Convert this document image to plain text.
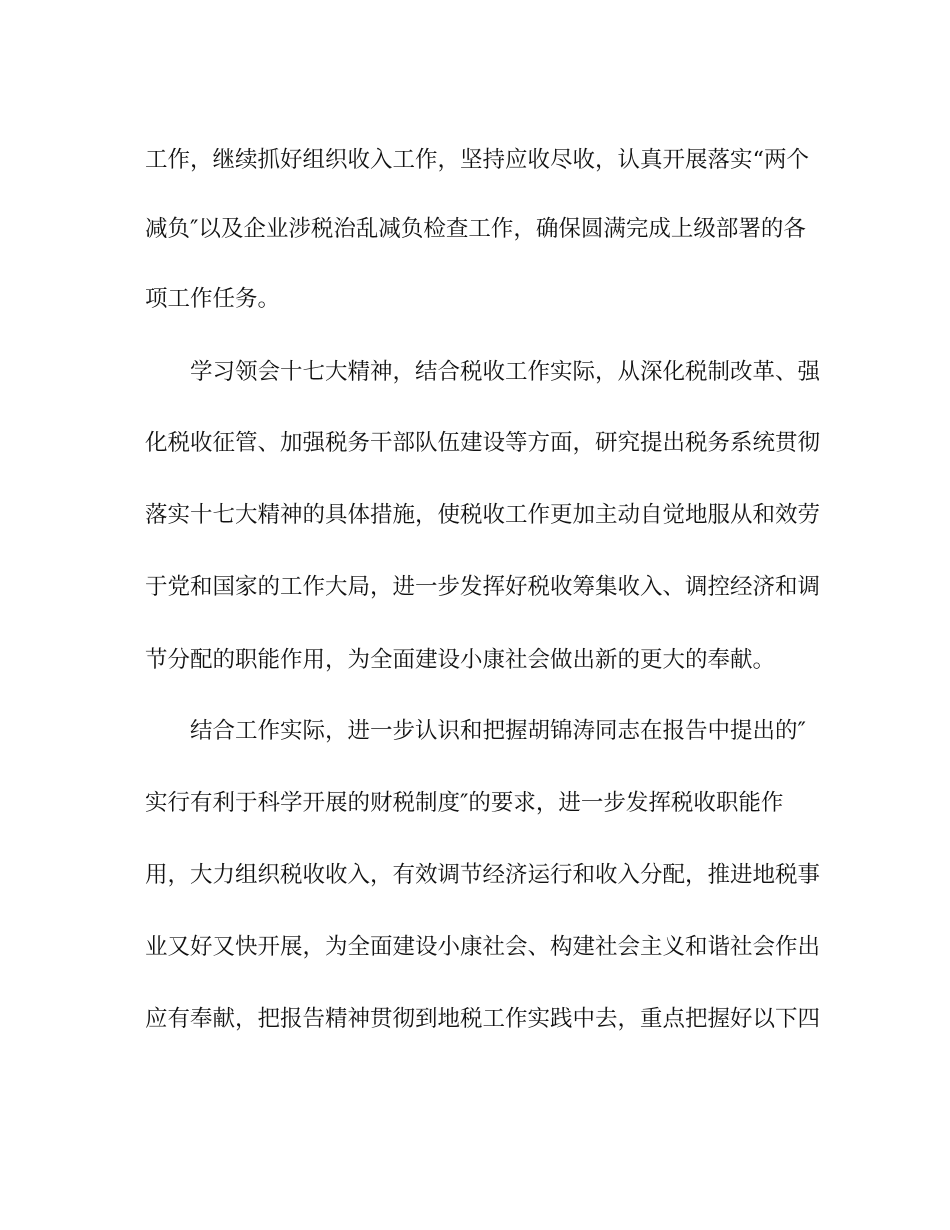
工作，继续抓好组织收入工作，坚持应收尽收，认真开展落实“两个
减负″以及企业涉税治乱减负检查工作，确保圆满完成上级部署的各
项工作任务。
　　学习领会十七大精神，结合税收工作实际，从深化税制改革、强
化税收征管、加强税务干部队伍建设等方面，研究提出税务系统贯彻
落实十七大精神的具体措施，使税收工作更加主动自觉地服从和效劳
于党和国家的工作大局，进一步发挥好税收筹集收入、调控经济和调
节分配的职能作用，为全面建设小康社会做出新的更大的奉献。
　　结合工作实际，进一步认识和把握胡锦涛同志在报告中提出的″
实行有利于科学开展的财税制度″的要求，进一步发挥税收职能作
用，大力组织税收收入，有效调节经济运行和收入分配，推进地税事
业又好又快开展，为全面建设小康社会、构建社会主义和谐社会作出
应有奉献，把报告精神贯彻到地税工作实践中去，重点把握好以下四
